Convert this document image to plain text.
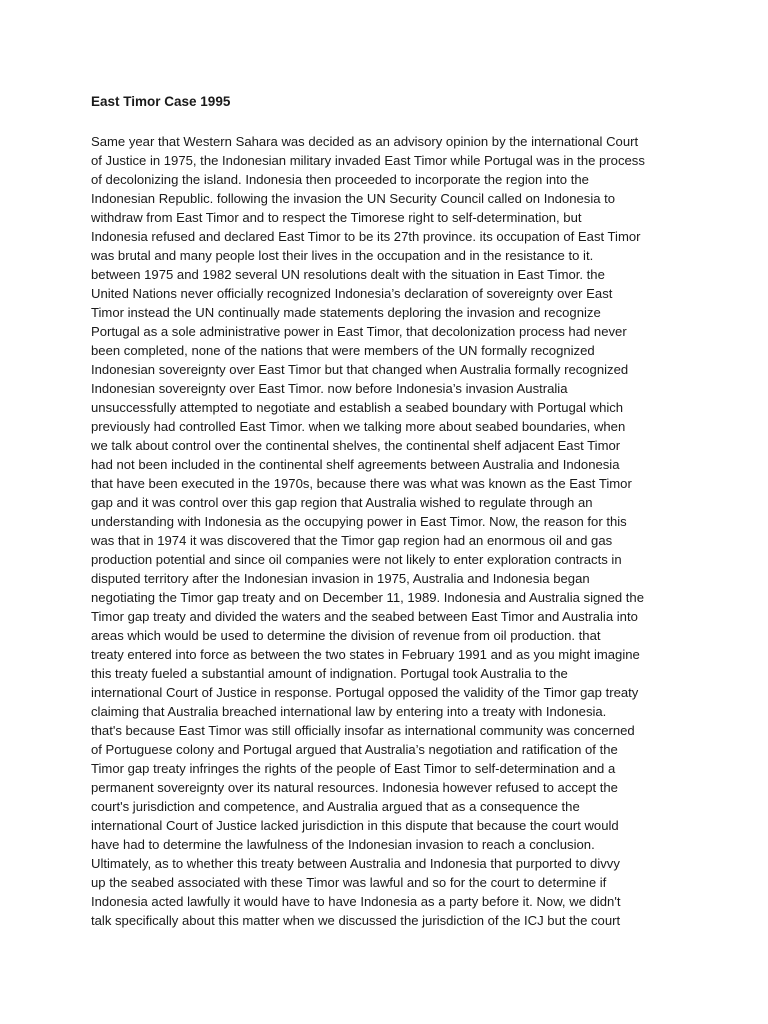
East Timor Case 1995
Same year that Western Sahara was decided as an advisory opinion by the international Court
of Justice in 1975, the Indonesian military invaded East Timor while Portugal was in the process
of decolonizing the island. Indonesia then proceeded to incorporate the region into the
Indonesian Republic. following the invasion the UN Security Council called on Indonesia to
withdraw from East Timor and to respect the Timorese right to self-determination, but
Indonesia refused and declared East Timor to be its 27th province. its occupation of East Timor
was brutal and many people lost their lives in the occupation and in the resistance to it.
between 1975 and 1982 several UN resolutions dealt with the situation in East Timor. the
United Nations never officially recognized Indonesia’s declaration of sovereignty over East
Timor instead the UN continually made statements deploring the invasion and recognize
Portugal as a sole administrative power in East Timor, that decolonization process had never
been completed, none of the nations that were members of the UN formally recognized
Indonesian sovereignty over East Timor but that changed when Australia formally recognized
Indonesian sovereignty over East Timor. now before Indonesia’s invasion Australia
unsuccessfully attempted to negotiate and establish a seabed boundary with Portugal which
previously had controlled East Timor. when we talking more about seabed boundaries, when
we talk about control over the continental shelves, the continental shelf adjacent East Timor
had not been included in the continental shelf agreements between Australia and Indonesia
that have been executed in the 1970s, because there was what was known as the East Timor
gap and it was control over this gap region that Australia wished to regulate through an
understanding with Indonesia as the occupying power in East Timor. Now, the reason for this
was that in 1974 it was discovered that the Timor gap region had an enormous oil and gas
production potential and since oil companies were not likely to enter exploration contracts in
disputed territory after the Indonesian invasion in 1975, Australia and Indonesia began
negotiating the Timor gap treaty and on December 11, 1989. Indonesia and Australia signed the
Timor gap treaty and divided the waters and the seabed between East Timor and Australia into
areas which would be used to determine the division of revenue from oil production. that
treaty entered into force as between the two states in February 1991 and as you might imagine
this treaty fueled a substantial amount of indignation. Portugal took Australia to the
international Court of Justice in response. Portugal opposed the validity of the Timor gap treaty
claiming that Australia breached international law by entering into a treaty with Indonesia.
that's because East Timor was still officially insofar as international community was concerned
of Portuguese colony and Portugal argued that Australia’s negotiation and ratification of the
Timor gap treaty infringes the rights of the people of East Timor to self-determination and a
permanent sovereignty over its natural resources. Indonesia however refused to accept the
court's jurisdiction and competence, and Australia argued that as a consequence the
international Court of Justice lacked jurisdiction in this dispute that because the court would
have had to determine the lawfulness of the Indonesian invasion to reach a conclusion.
Ultimately, as to whether this treaty between Australia and Indonesia that purported to divvy
up the seabed associated with these Timor was lawful and so for the court to determine if
Indonesia acted lawfully it would have to have Indonesia as a party before it. Now, we didn't
talk specifically about this matter when we discussed the jurisdiction of the ICJ but the court
